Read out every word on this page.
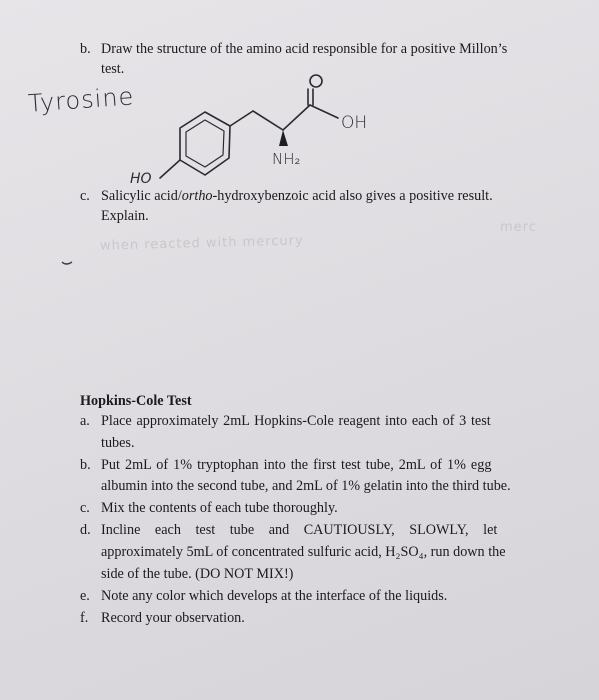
b. Draw the structure of the amino acid responsible for a positive Millon’s
test.
Tyrosine
OH
NH₂
HO
c. Salicylic acid/ortho-hydroxybenzoic acid also gives a positive result.
Explain.
when reacted with mercury
merc
Hopkins-Cole Test
a. Place approximately 2mL Hopkins-Cole reagent into each of 3 test
tubes.
b. Put 2mL of 1% tryptophan into the first test tube, 2mL of 1% egg
albumin into the second tube, and 2mL of 1% gelatin into the third tube.
c. Mix the contents of each tube thoroughly.
d. Incline each test tube and CAUTIOUSLY, SLOWLY, let
approximately 5mL of concentrated sulfuric acid, H₂SO₄, run down the
side of the tube. (DO NOT MIX!)
e. Note any color which develops at the interface of the liquids.
f. Record your observation.
